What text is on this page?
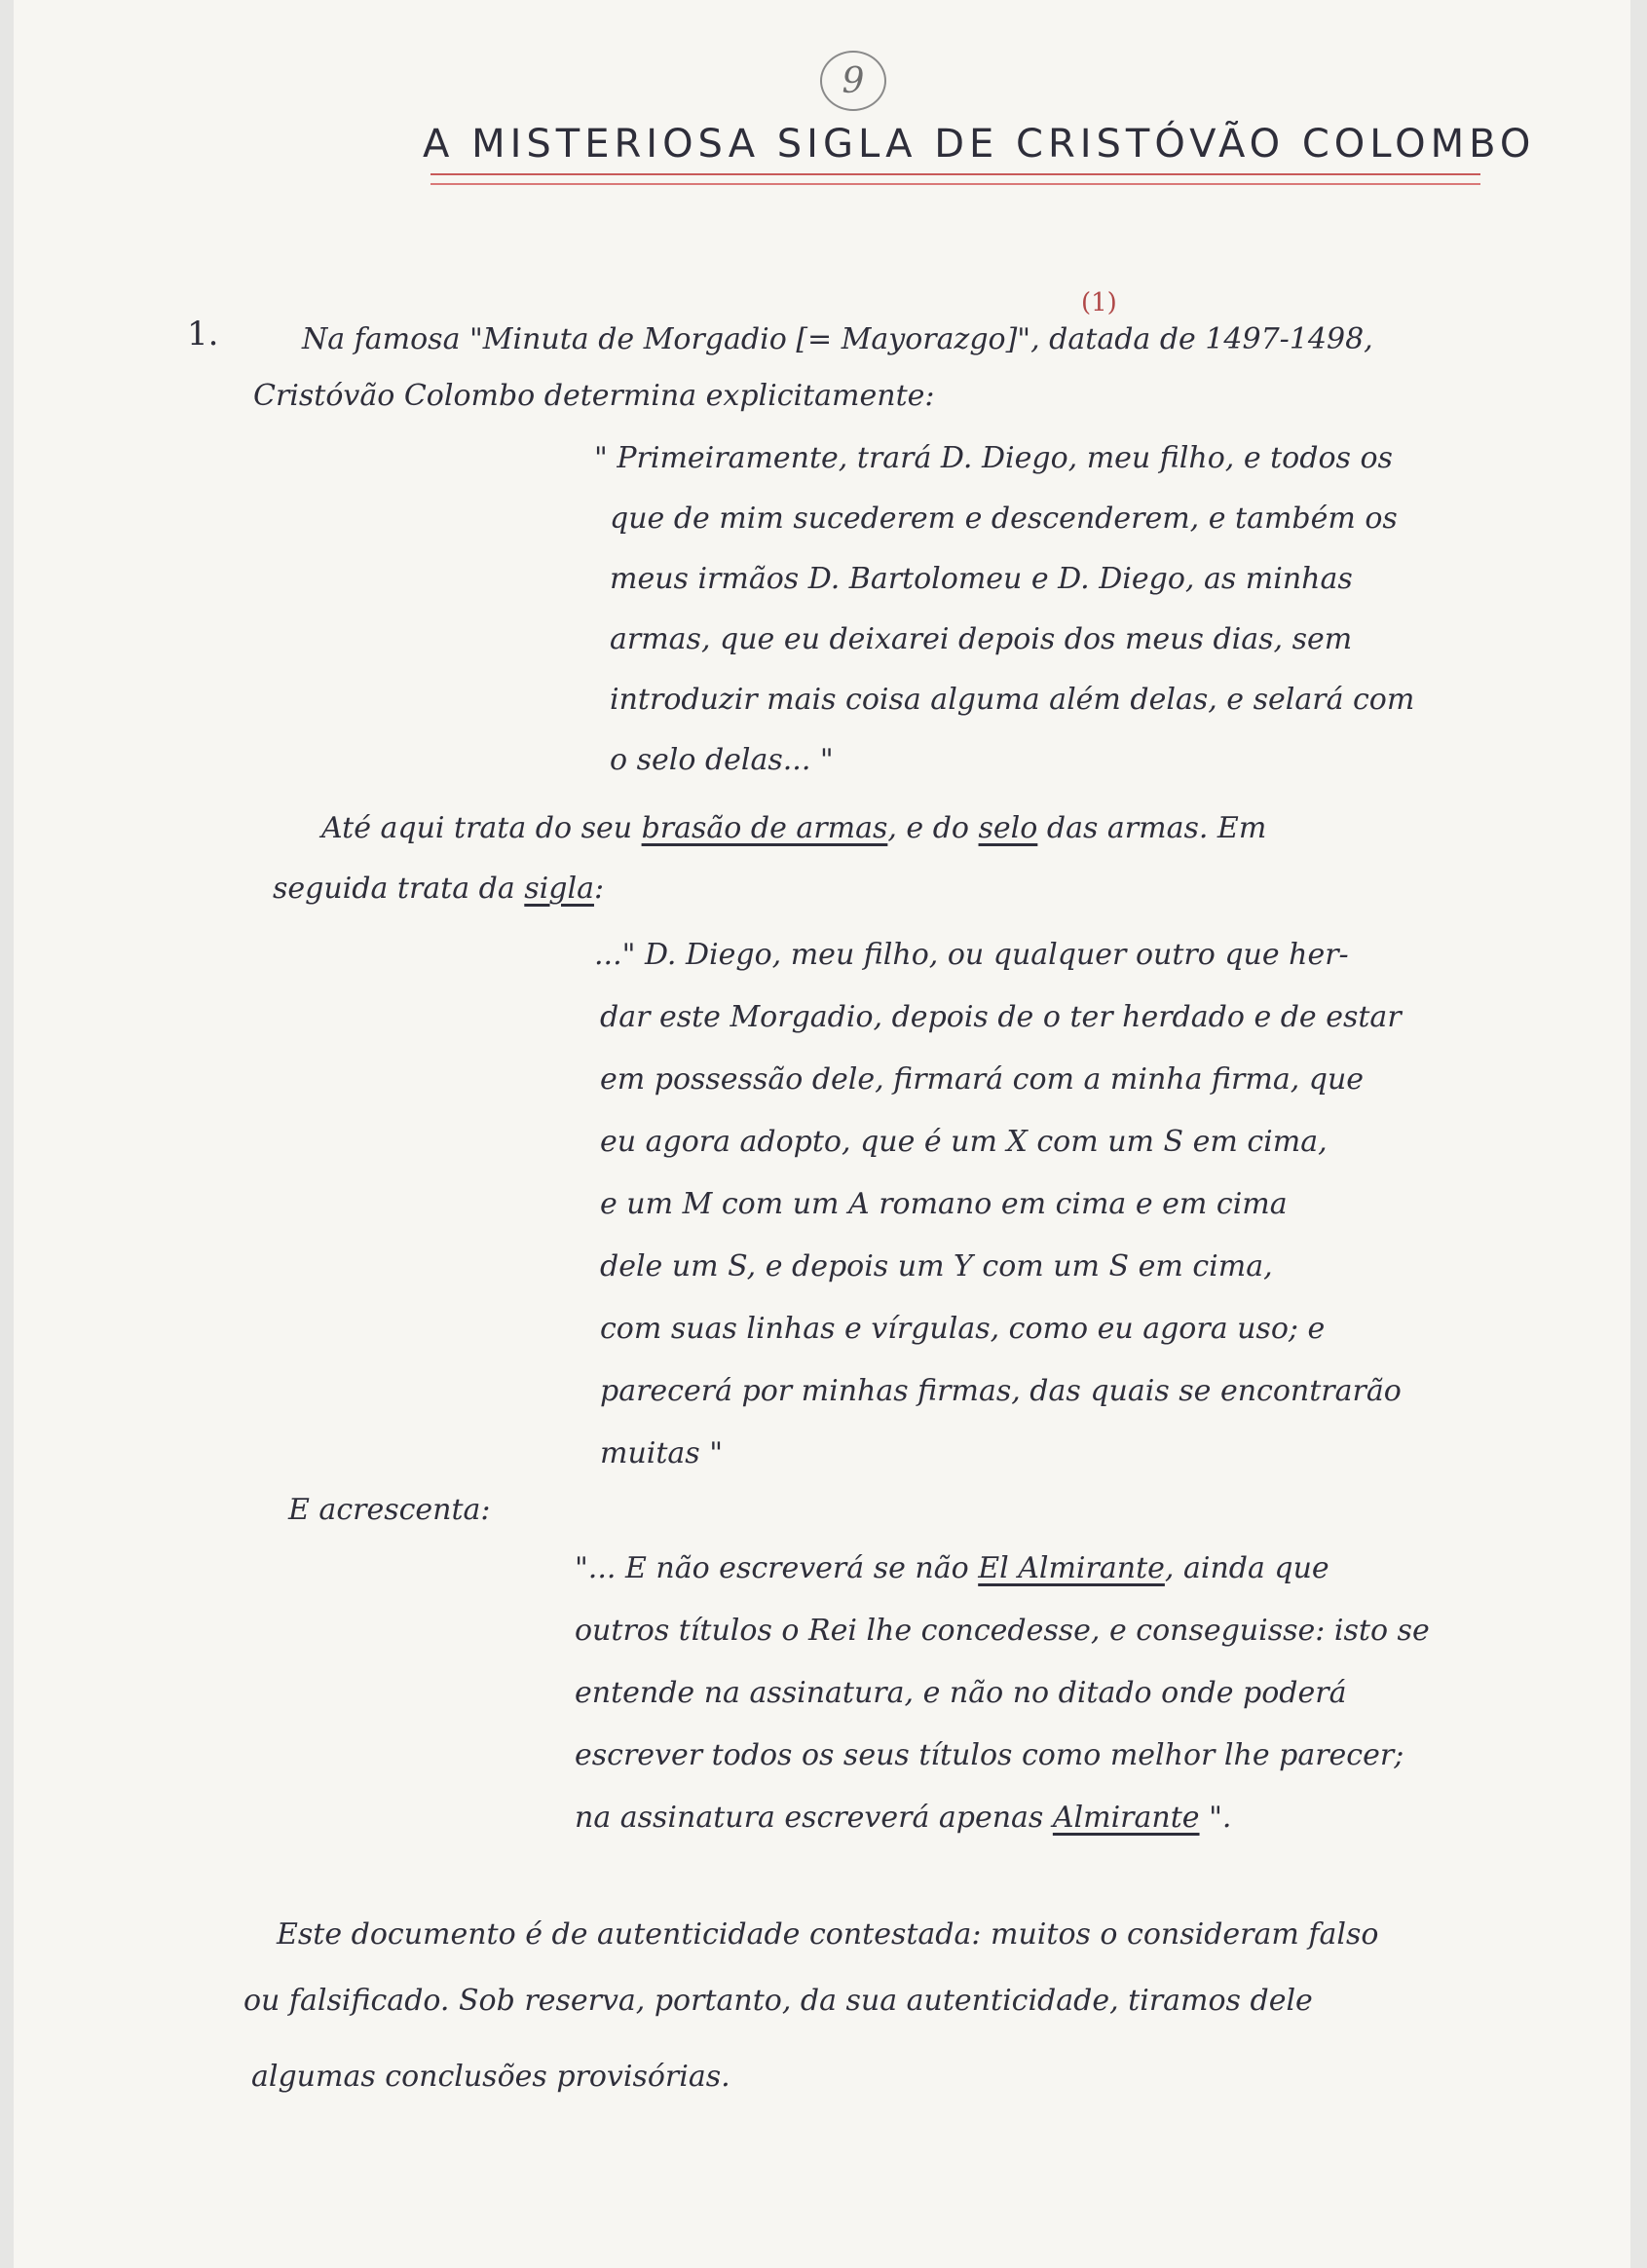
9
A MISTERIOSA SIGLA DE CRISTÓVÃO COLOMBO
1.
(1)
Na famosa "Minuta de Morgadio [= Mayorazgo]", datada de 1497-1498,
Cristóvão Colombo determina explicitamente:
" Primeiramente, trará D. Diego, meu filho, e todos os
que de mim sucederem e descenderem, e também os
meus irmãos D. Bartolomeu e D. Diego, as minhas
armas, que eu deixarei depois dos meus dias, sem
introduzir mais coisa alguma além delas, e selará com
o selo delas... "
Até aqui trata do seu brasão de armas, e do selo das armas. Em
seguida trata da sigla:
..." D. Diego, meu filho, ou qualquer outro que her-
dar este Morgadio, depois de o ter herdado e de estar
em possessão dele, firmará com a minha firma, que
eu agora adopto, que é um X com um S em cima,
e um M com um A romano em cima e em cima
dele um S, e depois um Y com um S em cima,
com suas linhas e vírgulas, como eu agora uso; e
parecerá por minhas firmas, das quais se encontrarão
muitas "
E acrescenta:
"... E não escreverá se não El Almirante, ainda que
outros títulos o Rei lhe concedesse, e conseguisse: isto se
entende na assinatura, e não no ditado onde poderá
escrever todos os seus títulos como melhor lhe parecer;
na assinatura escreverá apenas Almirante ".
Este documento é de autenticidade contestada: muitos o consideram falso
ou falsificado. Sob reserva, portanto, da sua autenticidade, tiramos dele
algumas conclusões provisórias.
